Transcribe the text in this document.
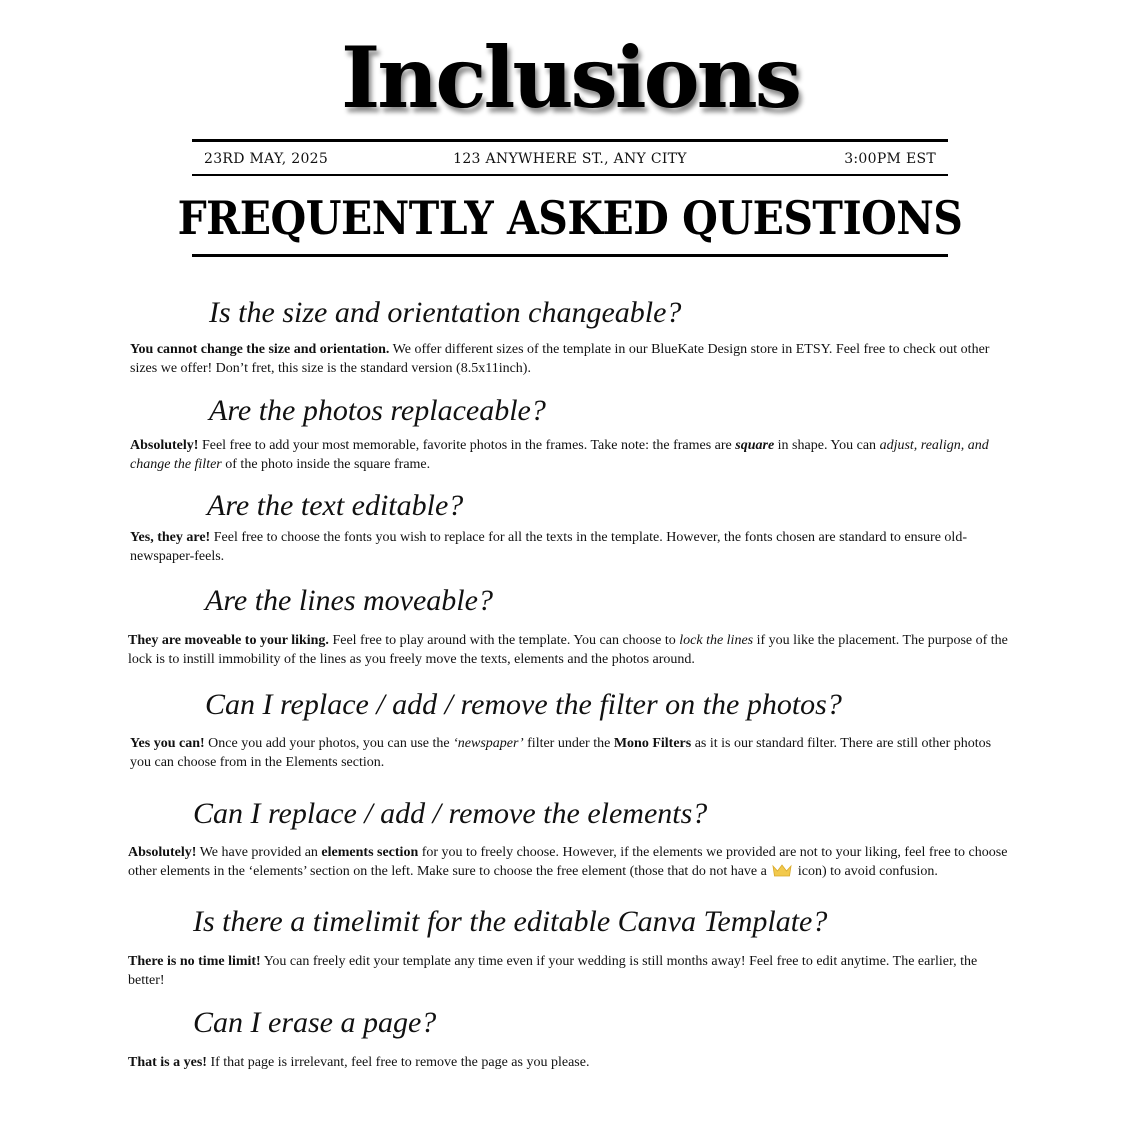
Inclusions
23RD MAY, 2025	123 ANYWHERE ST., ANY CITY	3:00PM EST
FREQUENTLY ASKED QUESTIONS
Is the size and orientation changeable?

You cannot change the size and orientation. We offer different sizes of the template in our BlueKate Design store in ETSY. Feel free to check out other sizes we offer! Don’t fret, this size is the standard version (8.5x11inch).

Are the photos replaceable?

Absolutely! Feel free to add your most memorable, favorite photos in the frames. Take note: the frames are square in shape. You can adjust, realign, and change the filter of the photo inside the square frame.

Are the text editable?

Yes, they are! Feel free to choose the fonts you wish to replace for all the texts in the template. However, the fonts chosen are standard to ensure old-newspaper-feels.

Are the lines moveable?

They are moveable to your liking. Feel free to play around with the template. You can choose to lock the lines if you like the placement. The purpose of the lock is to instill immobility of the lines as you freely move the texts, elements and the photos around.

Can I replace / add / remove the filter on the photos?

Yes you can! Once you add your photos, you can use the ‘newspaper’ filter under the Mono Filters as it is our standard filter. There are still other photos you can choose from in the Elements section.

Can I replace / add / remove the elements?

Absolutely! We have provided an elements section for you to freely choose. However, if the elements we provided are not to your liking, feel free to choose other elements in the ‘elements’ section on the left. Make sure to choose the free element (those that do not have a  icon) to avoid confusion.

Is there a timelimit for the editable Canva Template?

There is no time limit! You can freely edit your template any time even if your wedding is still months away! Feel free to edit anytime. The earlier, the better!

Can I erase a page?

That is a yes! If that page is irrelevant, feel free to remove the page as you please.
